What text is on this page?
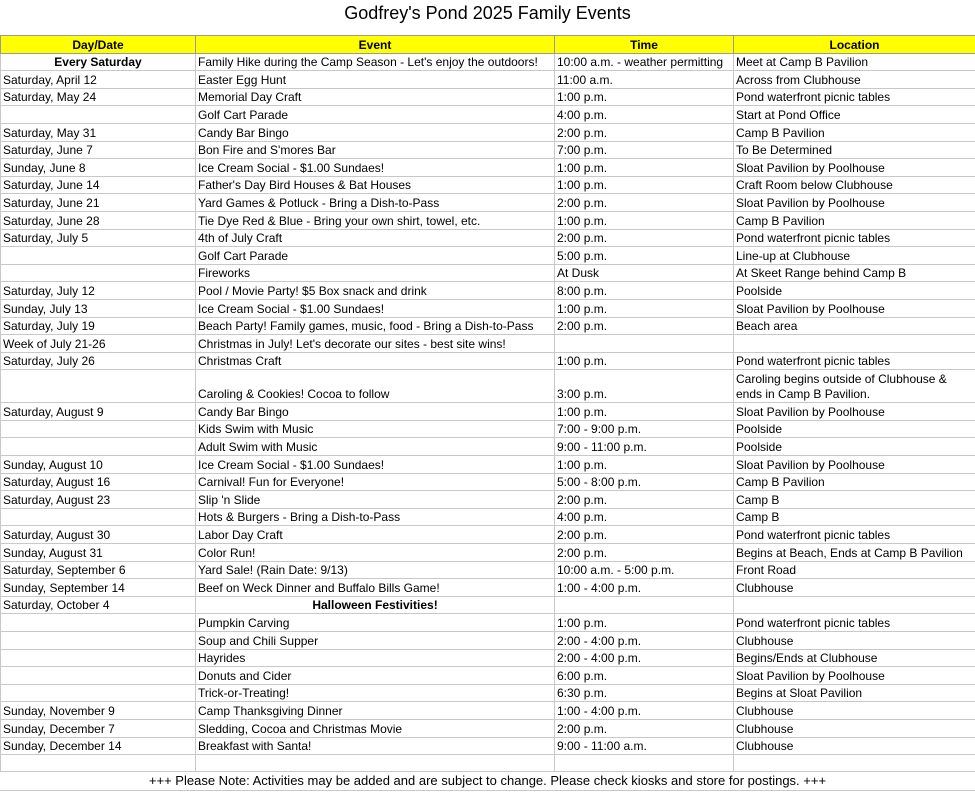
Godfrey's Pond 2025 Family Events
Day/Date	Event	Time	Location
Every Saturday	Family Hike during the Camp Season - Let's enjoy the outdoors!	10:00 a.m. - weather permitting	Meet at Camp B Pavilion
Saturday, April 12	Easter Egg Hunt	11:00 a.m.	Across from Clubhouse
Saturday, May 24	Memorial Day Craft	1:00 p.m.	Pond waterfront picnic tables
	Golf Cart Parade	4:00 p.m.	Start at Pond Office
Saturday, May 31	Candy Bar Bingo	2:00 p.m.	Camp B Pavilion
Saturday, June 7	Bon Fire and S'mores Bar	7:00 p.m.	To Be Determined
Sunday, June 8	Ice Cream Social - $1.00 Sundaes!	1:00 p.m.	Sloat Pavilion by Poolhouse
Saturday, June 14	Father's Day Bird Houses & Bat Houses	1:00 p.m.	Craft Room below Clubhouse
Saturday, June 21	Yard Games & Potluck - Bring a Dish-to-Pass	2:00 p.m.	Sloat Pavilion by Poolhouse
Saturday, June 28	Tie Dye Red & Blue - Bring your own shirt, towel, etc.	1:00 p.m.	Camp B Pavilion
Saturday, July 5	4th of July Craft	2:00 p.m.	Pond waterfront picnic tables
	Golf Cart Parade	5:00 p.m.	Line-up at Clubhouse
	Fireworks	At Dusk	At Skeet Range behind Camp B
Saturday, July 12	Pool / Movie Party! $5 Box snack and drink	8:00 p.m.	Poolside
Sunday, July 13	Ice Cream Social - $1.00 Sundaes!	1:00 p.m.	Sloat Pavilion by Poolhouse
Saturday, July 19	Beach Party! Family games, music, food - Bring a Dish-to-Pass	2:00 p.m.	Beach area
Week of July 21-26	Christmas in July! Let's decorate our sites - best site wins!		
Saturday, July 26	Christmas Craft	1:00 p.m.	Pond waterfront picnic tables
	Caroling & Cookies! Cocoa to follow	3:00 p.m.	Caroling begins outside of Clubhouse & ends in Camp B Pavilion.
Saturday, August 9	Candy Bar Bingo	1:00 p.m.	Sloat Pavilion by Poolhouse
	Kids Swim with Music	7:00 - 9:00 p.m.	Poolside
	Adult Swim with Music	9:00 - 11:00 p.m.	Poolside
Sunday, August 10	Ice Cream Social - $1.00 Sundaes!	1:00 p.m.	Sloat Pavilion by Poolhouse
Saturday, August 16	Carnival! Fun for Everyone!	5:00 - 8:00 p.m.	Camp B Pavilion
Saturday, August 23	Slip 'n Slide	2:00 p.m.	Camp B
	Hots & Burgers - Bring a Dish-to-Pass	4:00 p.m.	Camp B
Saturday, August 30	Labor Day Craft	2:00 p.m.	Pond waterfront picnic tables
Sunday, August 31	Color Run!	2:00 p.m.	Begins at Beach, Ends at Camp B Pavilion
Saturday, September 6	Yard Sale! (Rain Date: 9/13)	10:00 a.m. - 5:00 p.m.	Front Road
Sunday, September 14	Beef on Weck Dinner and Buffalo Bills Game!	1:00 - 4:00 p.m.	Clubhouse
Saturday, October 4	Halloween Festivities!		
	Pumpkin Carving	1:00 p.m.	Pond waterfront picnic tables
	Soup and Chili Supper	2:00 - 4:00 p.m.	Clubhouse
	Hayrides	2:00 - 4:00 p.m.	Begins/Ends at Clubhouse
	Donuts and Cider	6:00 p.m.	Sloat Pavilion by Poolhouse
	Trick-or-Treating!	6:30 p.m.	Begins at Sloat Pavilion
Sunday, November 9	Camp Thanksgiving Dinner	1:00 - 4:00 p.m.	Clubhouse
Sunday, December 7	Sledding, Cocoa and Christmas Movie	2:00 p.m.	Clubhouse
Sunday, December 14	Breakfast with Santa!	9:00 - 11:00 a.m.	Clubhouse

+++ Please Note: Activities may be added and are subject to change. Please check kiosks and store for postings. +++
